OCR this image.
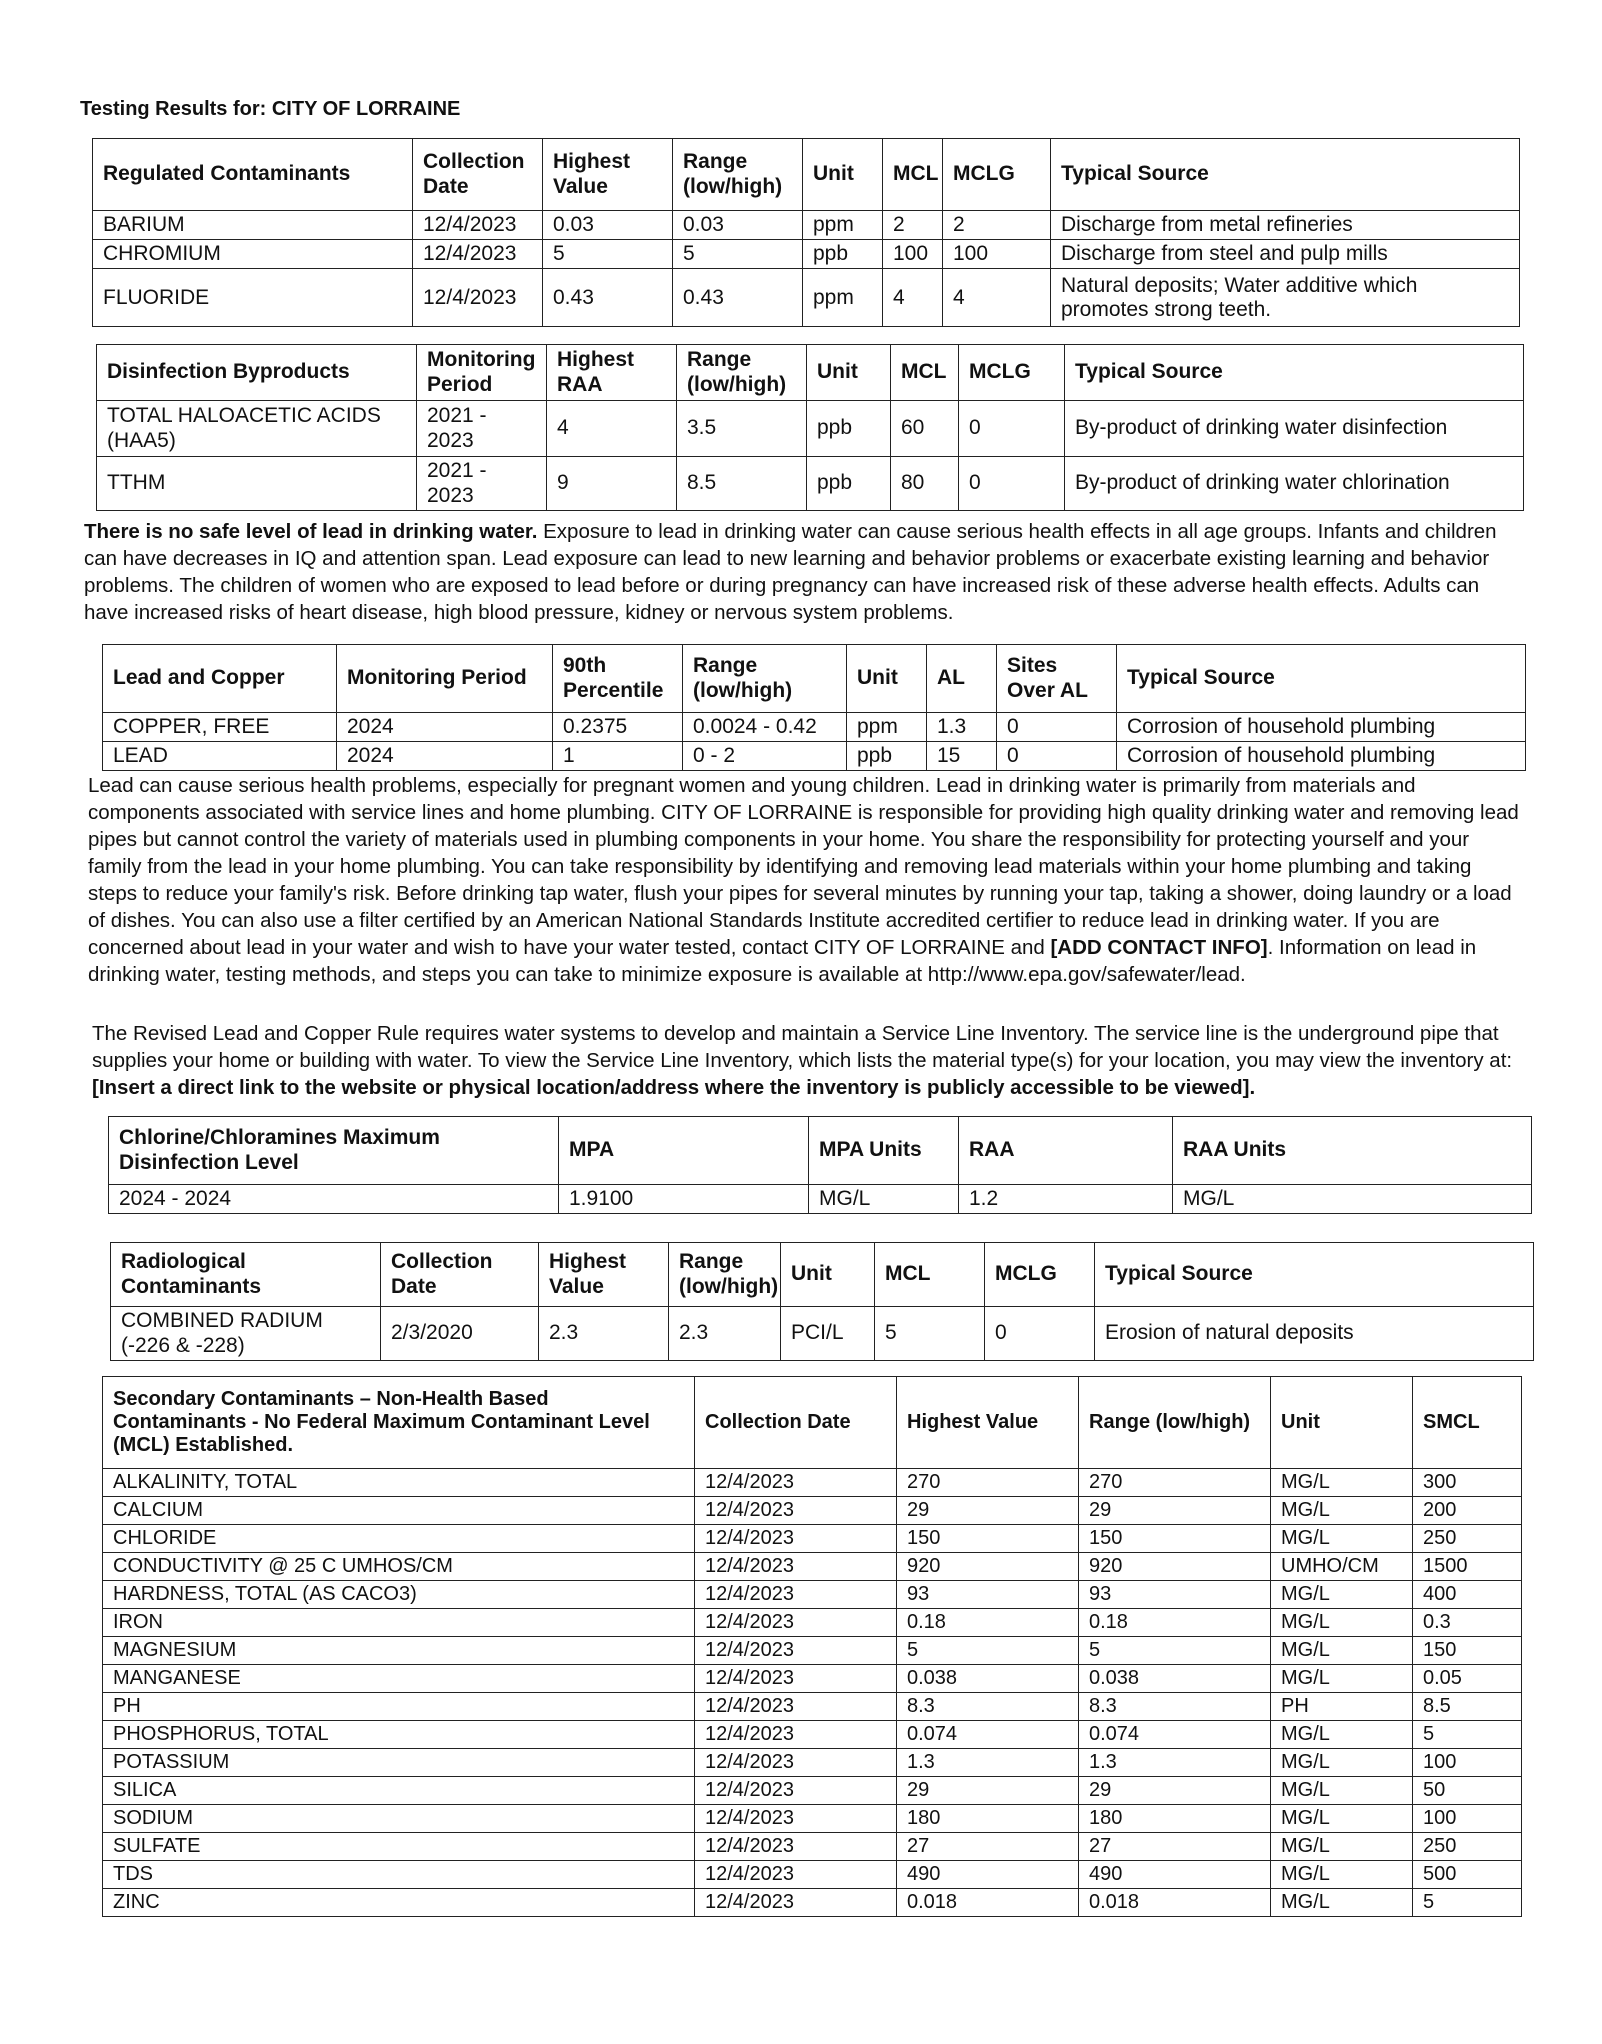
Testing Results for: CITY OF LORRAINE
Regulated Contaminants	Collection Date	Highest Value	Range (low/high)	Unit	MCL	MCLG	Typical Source
BARIUM	12/4/2023	0.03	0.03	ppm	2	2	Discharge from metal refineries
CHROMIUM	12/4/2023	5	5	ppb	100	100	Discharge from steel and pulp mills
FLUORIDE	12/4/2023	0.43	0.43	ppm	4	4	Natural deposits; Water additive which promotes strong teeth.
Disinfection Byproducts	Monitoring Period	Highest RAA	Range (low/high)	Unit	MCL	MCLG	Typical Source
TOTAL HALOACETIC ACIDS (HAA5)	2021 - 2023	4	3.5	ppb	60	0	By-product of drinking water disinfection
TTHM	2021 - 2023	9	8.5	ppb	80	0	By-product of drinking water chlorination

There is no safe level of lead in drinking water. Exposure to lead in drinking water can cause serious health effects in all age groups. Infants and children can have decreases in IQ and attention span. Lead exposure can lead to new learning and behavior problems or exacerbate existing learning and behavior problems. The children of women who are exposed to lead before or during pregnancy can have increased risk of these adverse health effects. Adults can have increased risks of heart disease, high blood pressure, kidney or nervous system problems.

Lead and Copper	Monitoring Period	90th Percentile	Range (low/high)	Unit	AL	Sites Over AL	Typical Source
COPPER, FREE	2024	0.2375	0.0024 - 0.42	ppm	1.3	0	Corrosion of household plumbing
LEAD	2024	1	0 - 2	ppb	15	0	Corrosion of household plumbing

Lead can cause serious health problems, especially for pregnant women and young children. Lead in drinking water is primarily from materials and components associated with service lines and home plumbing. CITY OF LORRAINE is responsible for providing high quality drinking water and removing lead pipes but cannot control the variety of materials used in plumbing components in your home. You share the responsibility for protecting yourself and your family from the lead in your home plumbing. You can take responsibility by identifying and removing lead materials within your home plumbing and taking steps to reduce your family's risk. Before drinking tap water, flush your pipes for several minutes by running your tap, taking a shower, doing laundry or a load of dishes. You can also use a filter certified by an American National Standards Institute accredited certifier to reduce lead in drinking water. If you are concerned about lead in your water and wish to have your water tested, contact CITY OF LORRAINE and [ADD CONTACT INFO]. Information on lead in drinking water, testing methods, and steps you can take to minimize exposure is available at http://www.epa.gov/safewater/lead.

The Revised Lead and Copper Rule requires water systems to develop and maintain a Service Line Inventory. The service line is the underground pipe that supplies your home or building with water. To view the Service Line Inventory, which lists the material type(s) for your location, you may view the inventory at: [Insert a direct link to the website or physical location/address where the inventory is publicly accessible to be viewed].

Chlorine/Chloramines Maximum Disinfection Level	MPA	MPA Units	RAA	RAA Units
2024 - 2024	1.9100	MG/L	1.2	MG/L
Radiological Contaminants	Collection Date	Highest Value	Range (low/high)	Unit	MCL	MCLG	Typical Source
COMBINED RADIUM (-226 & -228)	2/3/2020	2.3	2.3	PCI/L	5	0	Erosion of natural deposits
Secondary Contaminants – Non-Health Based Contaminants - No Federal Maximum Contaminant Level (MCL) Established.	Collection Date	Highest Value	Range (low/high)	Unit	SMCL
ALKALINITY, TOTAL	12/4/2023	270	270	MG/L	300
CALCIUM	12/4/2023	29	29	MG/L	200
CHLORIDE	12/4/2023	150	150	MG/L	250
CONDUCTIVITY @ 25 C UMHOS/CM	12/4/2023	920	920	UMHO/CM	1500
HARDNESS, TOTAL (AS CACO3)	12/4/2023	93	93	MG/L	400
IRON	12/4/2023	0.18	0.18	MG/L	0.3
MAGNESIUM	12/4/2023	5	5	MG/L	150
MANGANESE	12/4/2023	0.038	0.038	MG/L	0.05
PH	12/4/2023	8.3	8.3	PH	8.5
PHOSPHORUS, TOTAL	12/4/2023	0.074	0.074	MG/L	5
POTASSIUM	12/4/2023	1.3	1.3	MG/L	100
SILICA	12/4/2023	29	29	MG/L	50
SODIUM	12/4/2023	180	180	MG/L	100
SULFATE	12/4/2023	27	27	MG/L	250
TDS	12/4/2023	490	490	MG/L	500
ZINC	12/4/2023	0.018	0.018	MG/L	5
